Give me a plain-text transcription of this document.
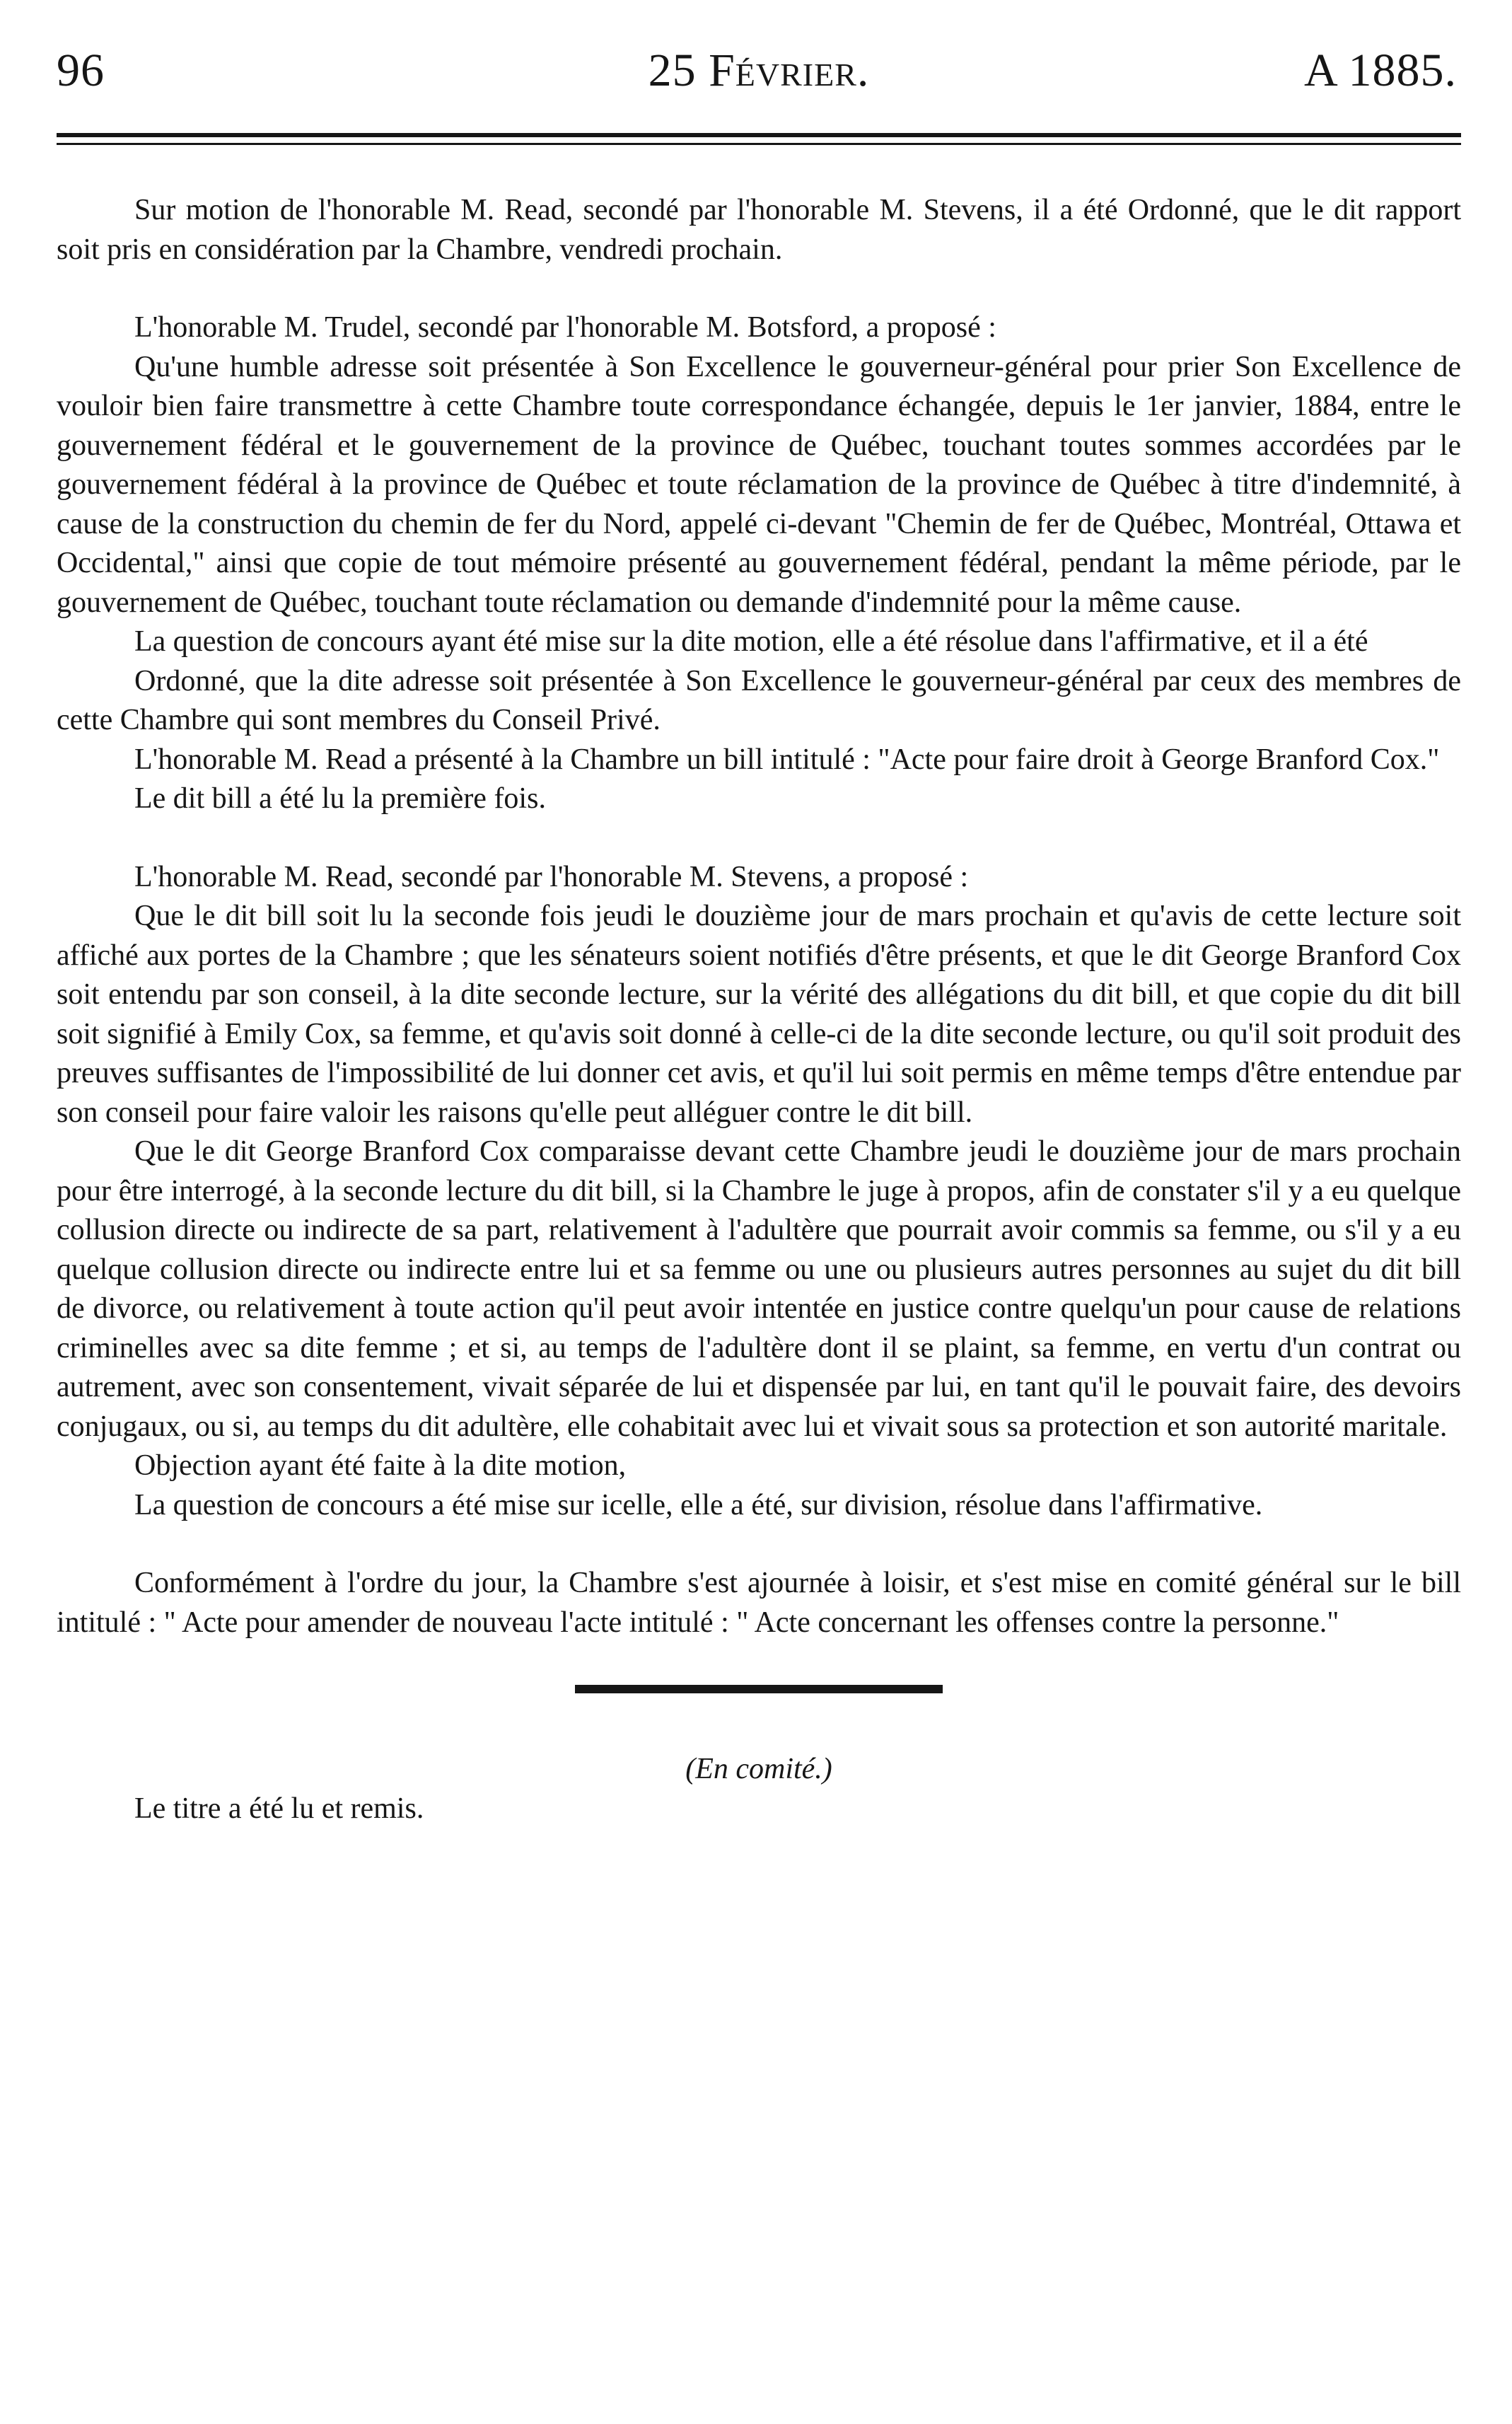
96	25 Février.	A 1885.

Sur motion de l'honorable M. Read, secondé par l'honorable M. Stevens, il a été Ordonné, que le dit rapport soit pris en considération par la Chambre, vendredi prochain.

L'honorable M. Trudel, secondé par l'honorable M. Botsford, a proposé :

Qu'une humble adresse soit présentée à Son Excellence le gouverneur-général pour prier Son Excellence de vouloir bien faire transmettre à cette Chambre toute correspondance échangée, depuis le 1er janvier, 1884, entre le gouvernement fédéral et le gouvernement de la province de Québec, touchant toutes sommes accordées par le gouvernement fédéral à la province de Québec et toute réclamation de la province de Québec à titre d'indemnité, à cause de la construction du chemin de fer du Nord, appelé ci-devant "Chemin de fer de Québec, Montréal, Ottawa et Occidental," ainsi que copie de tout mémoire présenté au gouvernement fédéral, pendant la même période, par le gouvernement de Québec, touchant toute réclamation ou demande d'indemnité pour la même cause.

La question de concours ayant été mise sur la dite motion, elle a été résolue dans l'affirmative, et il a été

Ordonné, que la dite adresse soit présentée à Son Excellence le gouverneur-général par ceux des membres de cette Chambre qui sont membres du Conseil Privé.

L'honorable M. Read a présenté à la Chambre un bill intitulé : "Acte pour faire droit à George Branford Cox."

Le dit bill a été lu la première fois.

L'honorable M. Read, secondé par l'honorable M. Stevens, a proposé :

Que le dit bill soit lu la seconde fois jeudi le douzième jour de mars prochain et qu'avis de cette lecture soit affiché aux portes de la Chambre ; que les sénateurs soient notifiés d'être présents, et que le dit George Branford Cox soit entendu par son conseil, à la dite seconde lecture, sur la vérité des allégations du dit bill, et que copie du dit bill soit signifié à Emily Cox, sa femme, et qu'avis soit donné à celle-ci de la dite seconde lecture, ou qu'il soit produit des preuves suffisantes de l'impossibilité de lui donner cet avis, et qu'il lui soit permis en même temps d'être entendue par son conseil pour faire valoir les raisons qu'elle peut alléguer contre le dit bill.

Que le dit George Branford Cox comparaisse devant cette Chambre jeudi le douzième jour de mars prochain pour être interrogé, à la seconde lecture du dit bill, si la Chambre le juge à propos, afin de constater s'il y a eu quelque collusion directe ou indirecte de sa part, relativement à l'adultère que pourrait avoir commis sa femme, ou s'il y a eu quelque collusion directe ou indirecte entre lui et sa femme ou une ou plusieurs autres personnes au sujet du dit bill de divorce, ou relativement à toute action qu'il peut avoir intentée en justice contre quelqu'un pour cause de relations criminelles avec sa dite femme ; et si, au temps de l'adultère dont il se plaint, sa femme, en vertu d'un contrat ou autrement, avec son consentement, vivait séparée de lui et dispensée par lui, en tant qu'il le pouvait faire, des devoirs conjugaux, ou si, au temps du dit adultère, elle cohabitait avec lui et vivait sous sa protection et son autorité maritale.

Objection ayant été faite à la dite motion,

La question de concours a été mise sur icelle, elle a été, sur division, résolue dans l'affirmative.

Conformément à l'ordre du jour, la Chambre s'est ajournée à loisir, et s'est mise en comité général sur le bill intitulé : " Acte pour amender de nouveau l'acte intitulé : " Acte concernant les offenses contre la personne."

(En comité.)

Le titre a été lu et remis.
